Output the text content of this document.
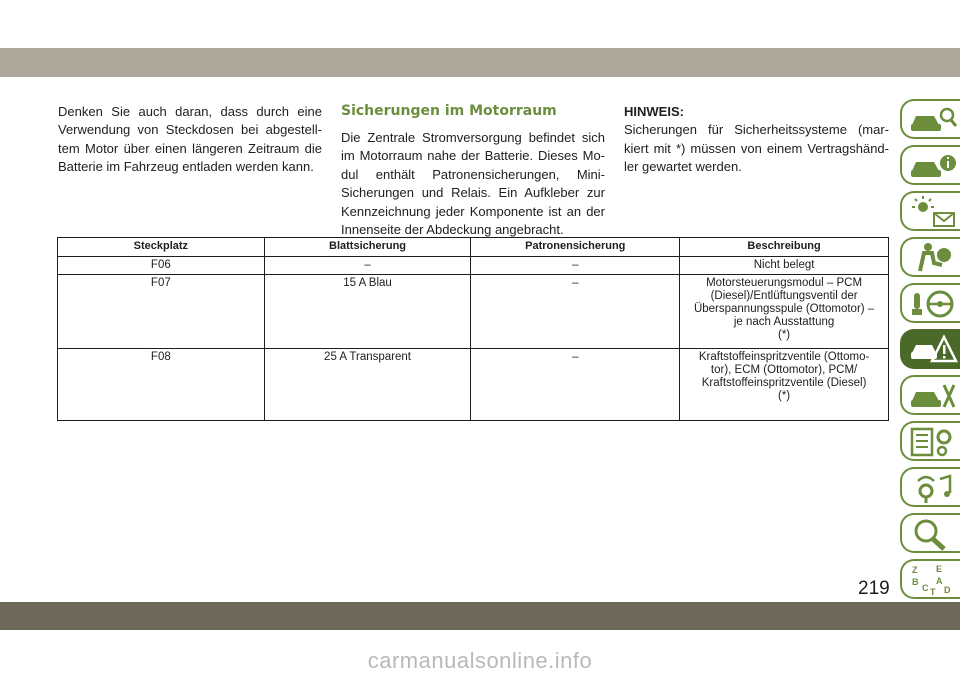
Denken Sie auch daran, dass durch eine Verwendung von Steckdosen bei abgestell-tem Motor über einen längeren Zeitraum die Batterie im Fahrzeug entladen werden kann.

Sicherungen im Motorraum

Die Zentrale Stromversorgung befindet sich im Motorraum nahe der Batterie. Dieses Mo-dul enthält Patronensicherungen, Mini-Sicherungen und Relais. Ein Aufkleber zur Kennzeichnung jeder Komponente ist an der Innenseite der Abdeckung angebracht.

HINWEIS:

Sicherungen für Sicherheitssysteme (mar-kiert mit *) müssen von einem Vertragshänd-ler gewartet werden.

Steckplatz	Blattsicherung	Patronensicherung	Beschreibung
F06	–	–	Nicht belegt
F07	15 A Blau	–	Motorsteuerungsmodul – PCM
(Diesel)/Entlüftungsventil der
Überspannungsspule (Ottomotor) –
je nach Ausstattung
(*)
F08	25 A Transparent	–	Kraftstoffeinspritzventile (Ottomo-
tor), ECM (Ottomotor), PCM/
Kraftstoffeinspritzventile (Diesel)
(*)
Z E
B A
C D
T
219
carmanualsonline.info
